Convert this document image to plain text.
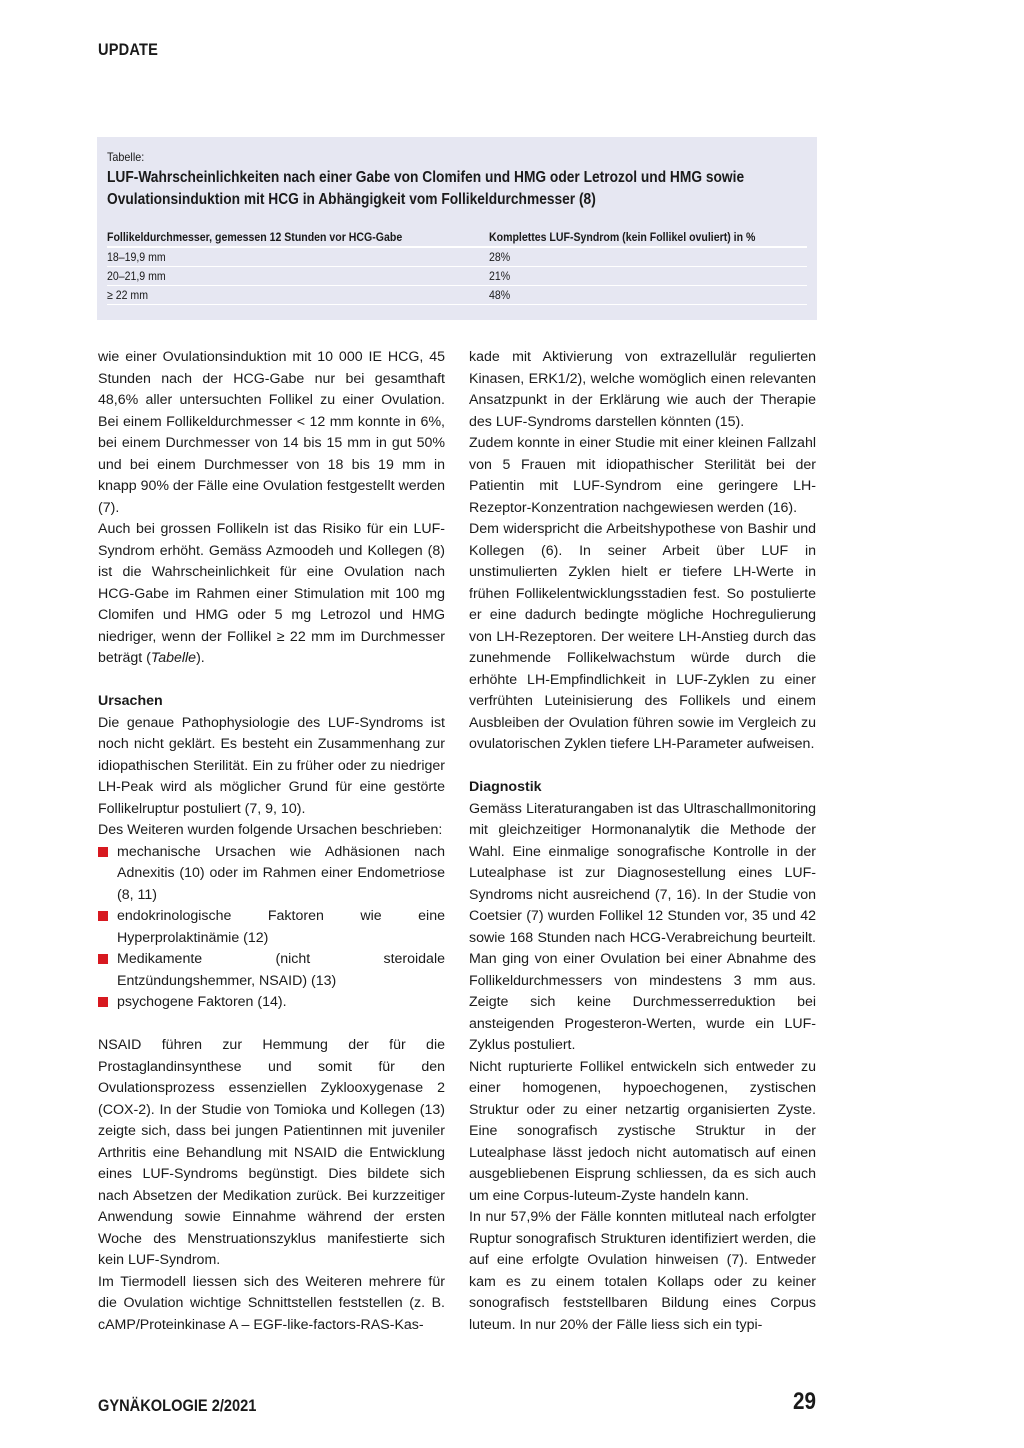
UPDATE

Tabelle:

LUF-Wahrscheinlichkeiten nach einer Gabe von Clomifen und HMG oder Letrozol und HMG sowie
Ovulationsinduktion mit HCG in Abhängigkeit vom Follikeldurchmesser (8)
Follikeldurchmesser, gemessen 12 Stunden vor HCG-Gabe	Komplettes LUF-Syndrom (kein Follikel ovuliert) in %
18–19,9 mm	28%
20–21,9 mm	21%
≥ 22 mm	48%

wie einer Ovulationsinduktion mit 10 000 IE HCG, 45 Stunden nach der HCG-Gabe nur bei gesamthaft 48,6% aller untersuchten Follikel zu einer Ovulation. Bei einem Follikeldurchmesser < 12 mm konnte in 6%, bei einem Durchmesser von 14 bis 15 mm in gut 50% und bei einem Durchmesser von 18 bis 19 mm in knapp 90% der Fälle eine Ovulation festgestellt werden (7).

Auch bei grossen Follikeln ist das Risiko für ein LUF-Syndrom erhöht. Gemäss Azmoodeh und Kollegen (8) ist die Wahrscheinlichkeit für eine Ovulation nach HCG-Gabe im Rahmen einer Stimulation mit 100 mg Clomifen und HMG oder 5 mg Letrozol und HMG niedriger, wenn der Follikel ≥ 22 mm im Durchmesser beträgt (Tabelle).

Ursachen

Die genaue Pathophysiologie des LUF-Syndroms ist noch nicht geklärt. Es besteht ein Zusammenhang zur idiopathischen Sterilität. Ein zu früher oder zu niedriger LH-Peak wird als möglicher Grund für eine gestörte Follikelruptur postuliert (7, 9, 10).

Des Weiteren wurden folgende Ursachen beschrieben:

mechanische Ursachen wie Adhäsionen nach Adnexitis (10) oder im Rahmen einer Endometriose (8, 11)
endokrinologische Faktoren wie eine Hyperprolaktinämie (12)
Medikamente (nicht steroidale Entzündungshemmer, NSAID) (13)
psychogene Faktoren (14).

NSAID führen zur Hemmung der für die Prostaglandinsynthese und somit für den Ovulationsprozess essenziellen Zyklooxygenase 2 (COX-2). In der Studie von Tomioka und Kollegen (13) zeigte sich, dass bei jungen Patientinnen mit juveniler Arthritis eine Behandlung mit NSAID die Entwicklung eines LUF-Syndroms begünstigt. Dies bildete sich nach Absetzen der Medikation zurück. Bei kurzzeitiger Anwendung sowie Einnahme während der ersten Woche des Menstruationszyklus manifestierte sich kein LUF-Syndrom.

Im Tiermodell liessen sich des Weiteren mehrere für die Ovulation wichtige Schnittstellen feststellen (z. B. cAMP/Proteinkinase A – EGF-like-factors-RAS-Kas-

kade mit Aktivierung von extrazellulär regulierten Kinasen, ERK1/2), welche womöglich einen relevanten Ansatzpunkt in der Erklärung wie auch der Therapie des LUF-Syndroms darstellen könnten (15).

Zudem konnte in einer Studie mit einer kleinen Fallzahl von 5 Frauen mit idiopathischer Sterilität bei der Patientin mit LUF-Syndrom eine geringere LH-Rezeptor-Konzentration nachgewiesen werden (16).

Dem widerspricht die Arbeitshypothese von Bashir und Kollegen (6). In seiner Arbeit über LUF in unstimulierten Zyklen hielt er tiefere LH-Werte in frühen Follikelentwicklungsstadien fest. So postulierte er eine dadurch bedingte mögliche Hochregulierung von LH-Rezeptoren. Der weitere LH-Anstieg durch das zunehmende Follikelwachstum würde durch die erhöhte LH-Empfindlichkeit in LUF-Zyklen zu einer verfrühten Luteinisierung des Follikels und einem Ausbleiben der Ovulation führen sowie im Vergleich zu ovulatorischen Zyklen tiefere LH-Parameter aufweisen.

Diagnostik

Gemäss Literaturangaben ist das Ultraschallmonitoring mit gleichzeitiger Hormonanalytik die Methode der Wahl. Eine einmalige sonografische Kontrolle in der Lutealphase ist zur Diagnosestellung eines LUF-Syndroms nicht ausreichend (7, 16). In der Studie von Coetsier (7) wurden Follikel 12 Stunden vor, 35 und 42 sowie 168 Stunden nach HCG-Verabreichung beurteilt. Man ging von einer Ovulation bei einer Abnahme des Follikeldurchmessers von mindestens 3 mm aus. Zeigte sich keine Durchmesserreduktion bei ansteigenden Progesteron-Werten, wurde ein LUF-Zyklus postuliert.

Nicht rupturierte Follikel entwickeln sich entweder zu einer homogenen, hypoechogenen, zystischen Struktur oder zu einer netzartig organisierten Zyste. Eine sonografisch zystische Struktur in der Lutealphase lässt jedoch nicht automatisch auf einen ausgebliebenen Eisprung schliessen, da es sich auch um eine Corpus-luteum-Zyste handeln kann.

In nur 57,9% der Fälle konnten mitluteal nach erfolgter Ruptur sonografisch Strukturen identifiziert werden, die auf eine erfolgte Ovulation hinweisen (7). Entweder kam es zu einem totalen Kollaps oder zu keiner sonografisch feststellbaren Bildung eines Corpus luteum. In nur 20% der Fälle liess sich ein typi-

GYNÄKOLOGIE 2/2021	29
